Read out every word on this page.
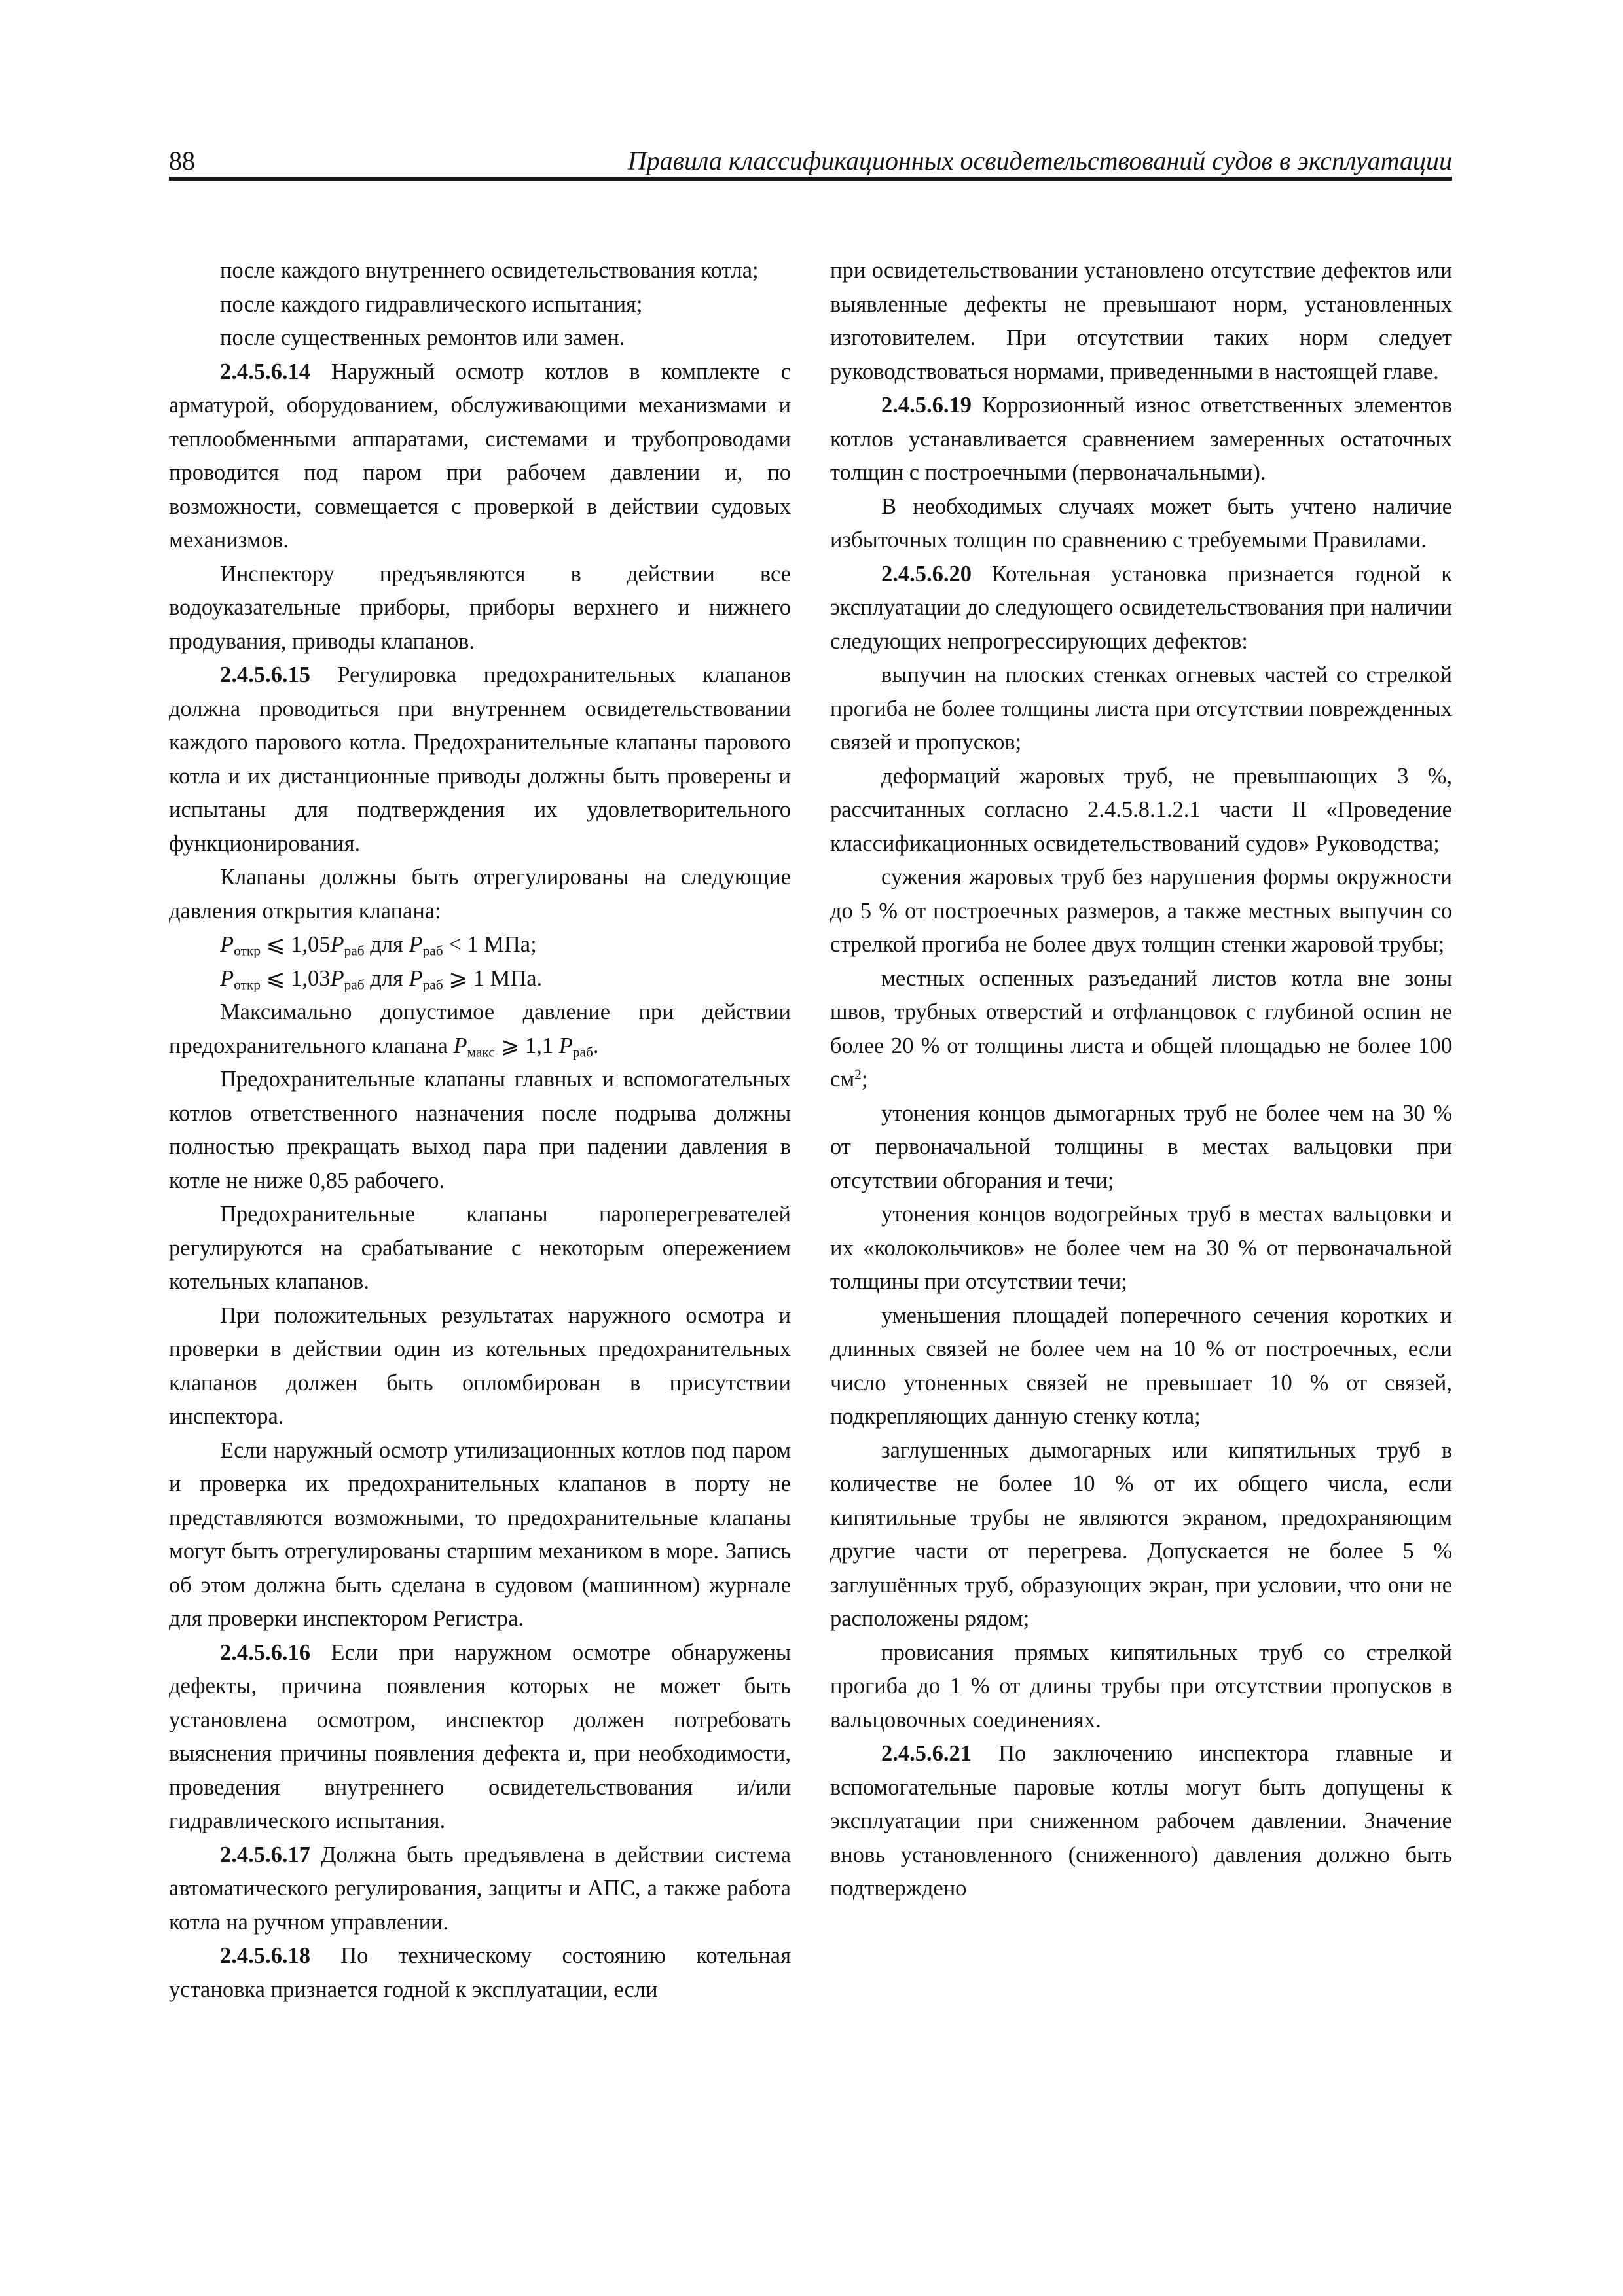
88	Правила классификационных освидетельствований судов в эксплуатации

после каждого внутреннего освидетельствования котла;

после каждого гидравлического испытания;

после существенных ремонтов или замен.

2.4.5.6.14 Наружный осмотр котлов в комплекте с арматурой, оборудованием, обслуживающими механизмами и теплообменными аппаратами, системами и трубопроводами проводится под паром при рабочем давлении и, по возможности, совмещается с проверкой в действии судовых механизмов.

Инспектору предъявляются в действии все водоуказательные приборы, приборы верхнего и нижнего продувания, приводы клапанов.

2.4.5.6.15 Регулировка предохранительных клапанов должна проводиться при внутреннем освидетельствовании каждого парового котла. Предохранительные клапаны парового котла и их дистанционные приводы должны быть проверены и испытаны для подтверждения их удовлетворительного функционирования.

Клапаны должны быть отрегулированы на следующие давления открытия клапана:

$P_{откр}$ ⩽ $1,05P_{раб}$ для $P_{раб} < 1$ МПа;

$P_{откр}$ ⩽ $1,03P_{раб}$ для $P_{раб}$ ⩾ 1 МПа.

Максимально допустимое давление при действии предохранительного клапана $P_{макс}$ ⩾ 1,1 $P_{раб}$.

Предохранительные клапаны главных и вспомогательных котлов ответственного назначения после подрыва должны полностью прекращать выход пара при падении давления в котле не ниже 0,85 рабочего.

Предохранительные клапаны пароперегревателей регулируются на срабатывание с некоторым опережением котельных клапанов.

При положительных результатах наружного осмотра и проверки в действии один из котельных предохранительных клапанов должен быть опломбирован в присутствии инспектора.

Если наружный осмотр утилизационных котлов под паром и проверка их предохранительных клапанов в порту не представляются возможными, то предохранительные клапаны могут быть отрегулированы старшим механиком в море. Запись об этом должна быть сделана в судовом (машинном) журнале для проверки инспектором Регистра.

2.4.5.6.16 Если при наружном осмотре обнаружены дефекты, причина появления которых не может быть установлена осмотром, инспектор должен потребовать выяснения причины появления дефекта и, при необходимости, проведения внутреннего освидетельствования и/или гидравлического испытания.

2.4.5.6.17 Должна быть предъявлена в действии система автоматического регулирования, защиты и АПС, а также работа котла на ручном управлении.

2.4.5.6.18 По техническому состоянию котельная установка признается годной к эксплуатации, если

при освидетельствовании установлено отсутствие дефектов или выявленные дефекты не превышают норм, установленных изготовителем. При отсутствии таких норм следует руководствоваться нормами, приведенными в настоящей главе.

2.4.5.6.19 Коррозионный износ ответственных элементов котлов устанавливается сравнением замеренных остаточных толщин с построечными (первоначальными).

В необходимых случаях может быть учтено наличие избыточных толщин по сравнению с требуемыми Правилами.

2.4.5.6.20 Котельная установка признается годной к эксплуатации до следующего освидетельствования при наличии следующих непрогрессирующих дефектов:

выпучин на плоских стенках огневых частей со стрелкой прогиба не более толщины листа при отсутствии поврежденных связей и пропусков;

деформаций жаровых труб, не превышающих 3 %, рассчитанных согласно 2.4.5.8.1.2.1 части II «Проведение классификационных освидетельствований судов» Руководства;

сужения жаровых труб без нарушения формы окружности до 5 % от построечных размеров, а также местных выпучин со стрелкой прогиба не более двух толщин стенки жаровой трубы;

местных оспенных разъеданий листов котла вне зоны швов, трубных отверстий и отфланцовок с глубиной оспин не более 20 % от толщины листа и общей площадью не более 100 $см^2$;

утонения концов дымогарных труб не более чем на 30 % от первоначальной толщины в местах вальцовки при отсутствии обгорания и течи;

утонения концов водогрейных труб в местах вальцовки и их «колокольчиков» не более чем на 30 % от первоначальной толщины при отсутствии течи;

уменьшения площадей поперечного сечения коротких и длинных связей не более чем на 10 % от построечных, если число утоненных связей не превышает 10 % от связей, подкрепляющих данную стенку котла;

заглушенных дымогарных или кипятильных труб в количестве не более 10 % от их общего числа, если кипятильные трубы не являются экраном, предохраняющим другие части от перегрева. Допускается не более 5 % заглушённых труб, образующих экран, при условии, что они не расположены рядом;

провисания прямых кипятильных труб со стрелкой прогиба до 1 % от длины трубы при отсутствии пропусков в вальцовочных соединениях.

2.4.5.6.21 По заключению инспектора главные и вспомогательные паровые котлы могут быть допущены к эксплуатации при сниженном рабочем давлении. Значение вновь установленного (сниженного) давления должно быть подтверждено
